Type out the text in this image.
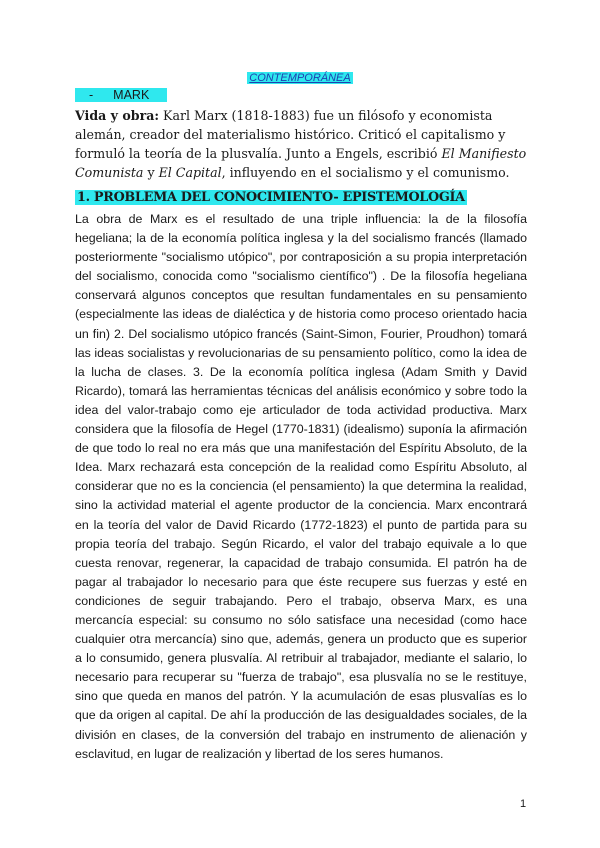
CONTEMPORÁNEA
- MARK

Vida y obra: Karl Marx (1818-1883) fue un filósofo y economista alemán, creador del materialismo histórico. Criticó el capitalismo y formuló la teoría de la plusvalía. Junto a Engels, escribió El Manifiesto Comunista y El Capital, influyendo en el socialismo y el comunismo.

1. PROBLEMA DEL CONOCIMIENTO- EPISTEMOLOGÍA

La obra de Marx es el resultado de una triple influencia: la de la filosofía hegeliana; la de la economía política inglesa y la del socialismo francés (llamado posteriormente "socialismo utópico", por contraposición a su propia interpretación del socialismo, conocida como "socialismo científico") . De la filosofía hegeliana conservará algunos conceptos que resultan fundamentales en su pensamiento (especialmente las ideas de dialéctica y de historia como proceso orientado hacia un fin) 2. Del socialismo utópico francés (Saint-Simon, Fourier, Proudhon) tomará las ideas socialistas y revolucionarias de su pensamiento político, como la idea de la lucha de clases. 3. De la economía política inglesa (Adam Smith y David Ricardo), tomará las herramientas técnicas del análisis económico y sobre todo la idea del valor-trabajo como eje articulador de toda actividad productiva. Marx considera que la filosofía de Hegel (1770-1831) (idealismo) suponía la afirmación de que todo lo real no era más que una manifestación del Espíritu Absoluto, de la Idea. Marx rechazará esta concepción de la realidad como Espíritu Absoluto, al considerar que no es la conciencia (el pensamiento) la que determina la realidad, sino la actividad material el agente productor de la conciencia. Marx encontrará en la teoría del valor de David Ricardo (1772-1823) el punto de partida para su propia teoría del trabajo. Según Ricardo, el valor del trabajo equivale a lo que cuesta renovar, regenerar, la capacidad de trabajo consumida. El patrón ha de pagar al trabajador lo necesario para que éste recupere sus fuerzas y esté en condiciones de seguir trabajando. Pero el trabajo, observa Marx, es una mercancía especial: su consumo no sólo satisface una necesidad (como hace cualquier otra mercancía) sino que, además, genera un producto que es superior a lo consumido, genera plusvalía. Al retribuir al trabajador, mediante el salario, lo necesario para recuperar su "fuerza de trabajo", esa plusvalía no se le restituye, sino que queda en manos del patrón. Y la acumulación de esas plusvalías es lo que da origen al capital. De ahí la producción de las desigualdades sociales, de la división en clases, de la conversión del trabajo en instrumento de alienación y esclavitud, en lugar de realización y libertad de los seres humanos.

1
